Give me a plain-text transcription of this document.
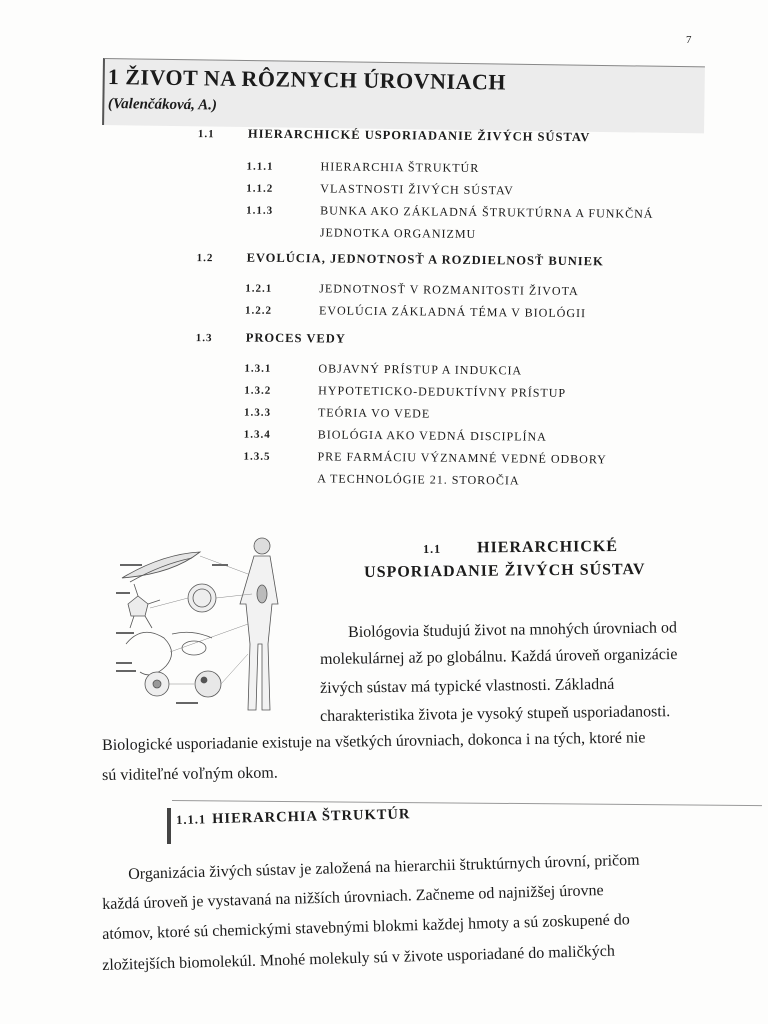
7
1 ŽIVOT NA RÔZNYCH ÚROVNIACH
(Valenčáková, A.)
1.1	HIERARCHICKÉ USPORIADANIE ŽIVÝCH SÚSTAV
1.1.1	HIERARCHIA ŠTRUKTÚR
1.1.2	VLASTNOSTI ŽIVÝCH SÚSTAV
1.1.3	BUNKA AKO ZÁKLADNÁ ŠTRUKTÚRNA A FUNKČNÁ
JEDNOTKA ORGANIZMU
1.2	EVOLÚCIA, JEDNOTNOSŤ A ROZDIELNOSŤ BUNIEK
1.2.1	JEDNOTNOSŤ V ROZMANITOSTI ŽIVOTA
1.2.2	EVOLÚCIA ZÁKLADNÁ TÉMA V BIOLÓGII
1.3	PROCES VEDY
1.3.1	OBJAVNÝ PRÍSTUP A INDUKCIA
1.3.2	HYPOTETICKO-DEDUKTÍVNY PRÍSTUP
1.3.3	TEÓRIA VO VEDE
1.3.4	BIOLÓGIA AKO VEDNÁ DISCIPLÍNA
1.3.5	PRE FARMÁCIU VÝZNAMNÉ VEDNÉ ODBORY
A TECHNOLÓGIE 21. STOROČIA
1.1 HIERARCHICKÉ
USPORIADANIE ŽIVÝCH SÚSTAV
Biológovia študujú život na mnohých úrovniach od
molekulárnej až po globálnu. Každá úroveň organizácie
živých sústav má typické vlastnosti. Základná
charakteristika života je vysoký stupeň usporiadanosti.
Biologické usporiadanie existuje na všetkých úrovniach, dokonca i na tých, ktoré nie
sú viditeľné voľným okom.
1.1.1 HIERARCHIA ŠTRUKTÚR
Organizácia živých sústav je založená na hierarchii štruktúrnych úrovní, pričom
každá úroveň je vystavaná na nižších úrovniach. Začneme od najnižšej úrovne
atómov, ktoré sú chemickými stavebnými blokmi každej hmoty a sú zoskupené do
zložitejších biomolekúl. Mnohé molekuly sú v živote usporiadané do maličkých
